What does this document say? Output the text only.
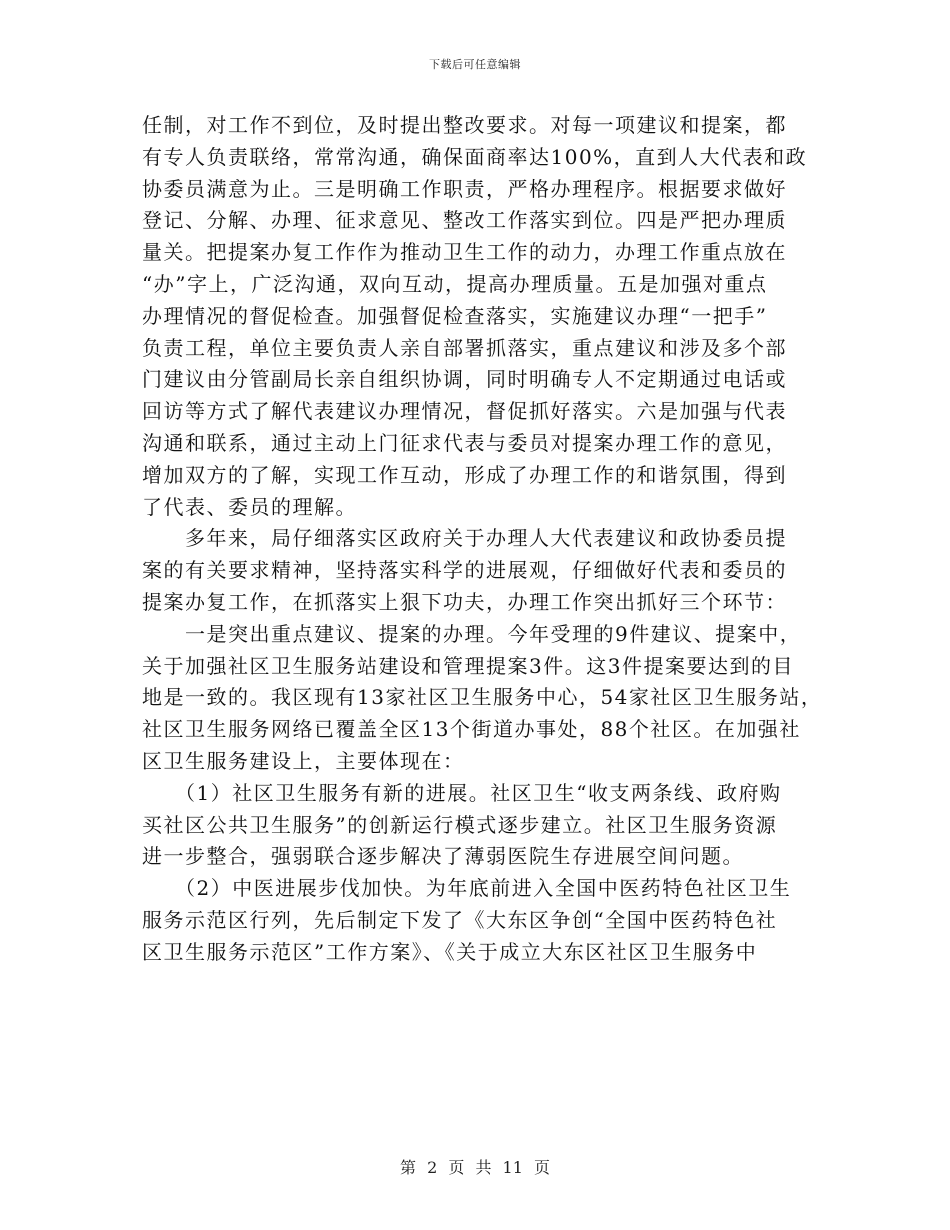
下载后可任意编辑
任制，对工作不到位，及时提出整改要求。对每一项建议和提案，都
有专人负责联络，常常沟通，确保面商率达100%，直到人大代表和政
协委员满意为止。三是明确工作职责，严格办理程序。根据要求做好
登记、分解、办理、征求意见、整改工作落实到位。四是严把办理质
量关。把提案办复工作作为推动卫生工作的动力，办理工作重点放在
“办”字上，广泛沟通，双向互动，提高办理质量。五是加强对重点
办理情况的督促检查。加强督促检查落实，实施建议办理“一把手”
负责工程，单位主要负责人亲自部署抓落实，重点建议和涉及多个部
门建议由分管副局长亲自组织协调，同时明确专人不定期通过电话或
回访等方式了解代表建议办理情况，督促抓好落实。六是加强与代表
沟通和联系，通过主动上门征求代表与委员对提案办理工作的意见，
增加双方的了解，实现工作互动，形成了办理工作的和谐氛围，得到
了代表、委员的理解。
　　多年来，局仔细落实区政府关于办理人大代表建议和政协委员提
案的有关要求精神，坚持落实科学的进展观，仔细做好代表和委员的
提案办复工作，在抓落实上狠下功夫，办理工作突出抓好三个环节：
　　一是突出重点建议、提案的办理。今年受理的9件建议、提案中，
关于加强社区卫生服务站建设和管理提案3件。这3件提案要达到的目
地是一致的。我区现有13家社区卫生服务中心，54家社区卫生服务站，
社区卫生服务网络已覆盖全区13个街道办事处，88个社区。在加强社
区卫生服务建设上，主要体现在：
　　（1）社区卫生服务有新的进展。社区卫生“收支两条线、政府购
买社区公共卫生服务”的创新运行模式逐步建立。社区卫生服务资源
进一步整合，强弱联合逐步解决了薄弱医院生存进展空间问题。
　　（2）中医进展步伐加快。为年底前进入全国中医药特色社区卫生
服务示范区行列，先后制定下发了《大东区争创“全国中医药特色社
区卫生服务示范区”工作方案》、《关于成立大东区社区卫生服务中
第 2 页 共 11 页
